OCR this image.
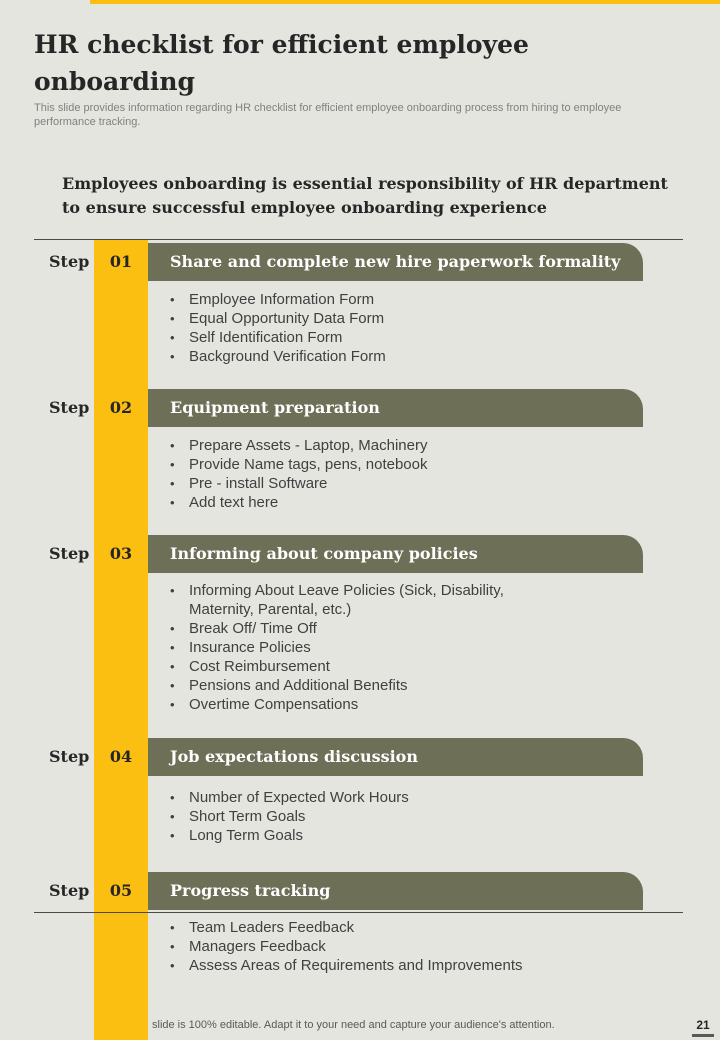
HR checklist for efficient employee onboarding

This slide provides information regarding HR checklist for efficient employee onboarding process from hiring to employee performance tracking.

Employees onboarding is essential responsibility of HR department to ensure successful employee onboarding experience

Step	01	Share and complete new hire paperwork formality
• Employee Information Form
• Equal Opportunity Data Form
• Self Identification Form
• Background Verification Form
Step	02	Equipment preparation
• Prepare Assets - Laptop, Machinery
• Provide Name tags, pens, notebook
• Pre - install Software
• Add text here
Step	03	Informing about company policies
• Informing About Leave Policies (Sick, Disability, Maternity, Parental, etc.)
• Break Off/ Time Off
• Insurance Policies
• Cost Reimbursement
• Pensions and Additional Benefits
• Overtime Compensations
Step	04	Job expectations discussion
• Number of Expected Work Hours
• Short Term Goals
• Long Term Goals
Step	05	Progress tracking
• Team Leaders Feedback
• Managers Feedback
• Assess Areas of Requirements and Improvements
slide is 100% editable. Adapt it to your need and capture your audience's attention.	21
